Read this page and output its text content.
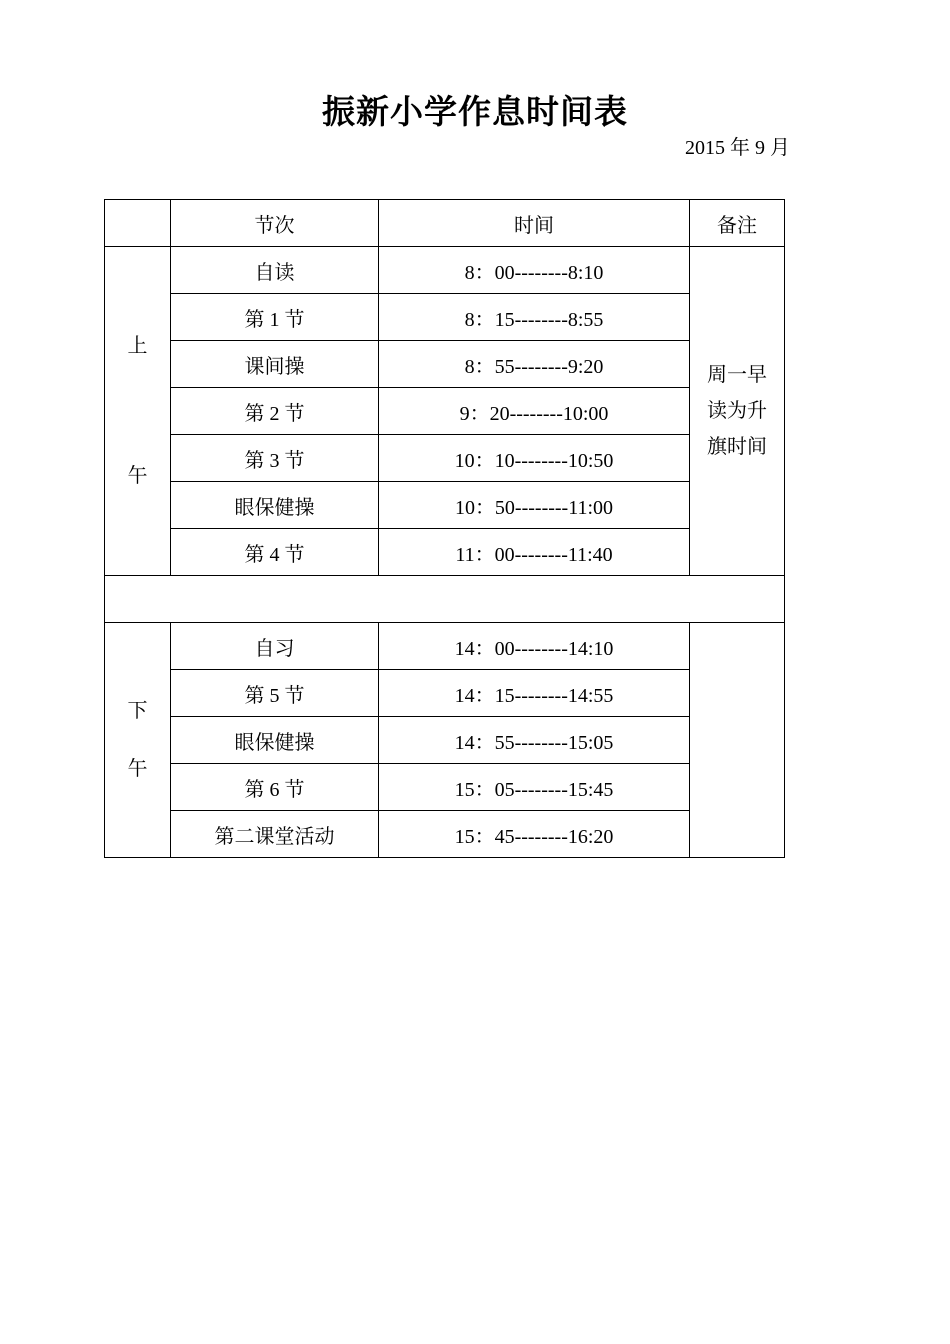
振新小学作息时间表
2015 年 9 月
	节次	时间	备注

上
午	自读	8：00--------8:10	周一早读为升旗时间
	第 1 节	8：15--------8:55	
	课间操	8：55--------9:20	
	第 2 节	9：20--------10:00	
	第 3 节	10：10--------10:50	
	眼保健操	10：50--------11:00	
	第 4 节	11：00--------11:40	

下
午	自习	14：00--------14:10	
	第 5 节	14：15--------14:55	
	眼保健操	14：55--------15:05	
	第 6 节	15：05--------15:45	
	第二课堂活动	15：45--------16:20	
